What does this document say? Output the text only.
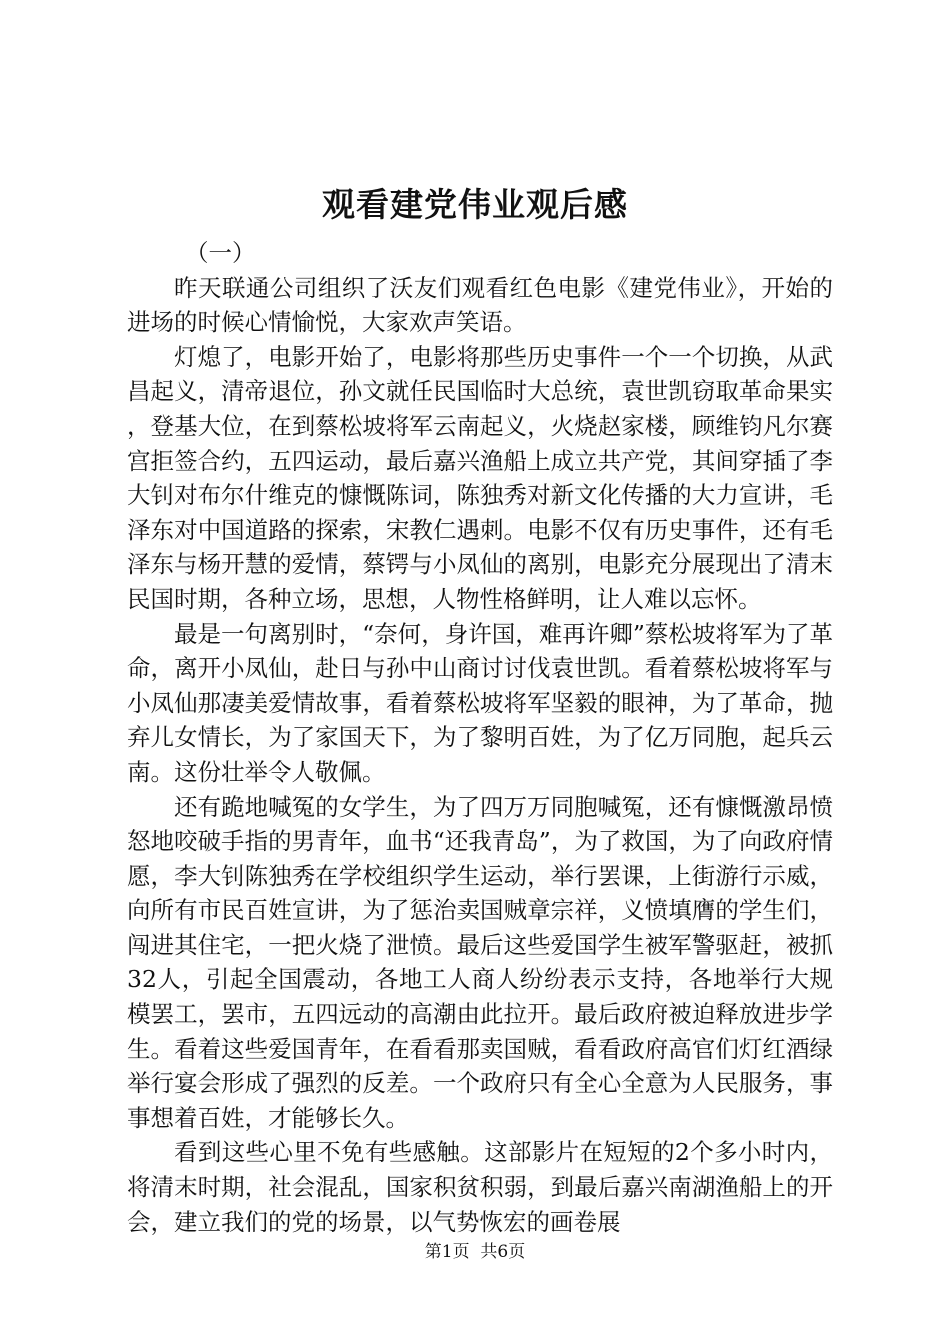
观看建党伟业观后感

（一）

昨天联通公司组织了沃友们观看红色电影《建党伟业》，开始的进场的时候心情愉悦，大家欢声笑语。

灯熄了，电影开始了，电影将那些历史事件一个一个切换，从武昌起义，清帝退位，孙文就任民国临时大总统，袁世凯窃取革命果实，登基大位，在到蔡松坡将军云南起义，火烧赵家楼，顾维钧凡尔赛宫拒签合约，五四运动，最后嘉兴渔船上成立共产党，其间穿插了李大钊对布尔什维克的慷慨陈词，陈独秀对新文化传播的大力宣讲，毛泽东对中国道路的探索，宋教仁遇刺。电影不仅有历史事件，还有毛泽东与杨开慧的爱情，蔡锷与小凤仙的离别，电影充分展现出了清末民国时期，各种立场，思想，人物性格鲜明，让人难以忘怀。

最是一句离别时，“奈何，身许国，难再许卿”蔡松坡将军为了革命，离开小凤仙，赴日与孙中山商讨讨伐袁世凯。看着蔡松坡将军与小凤仙那凄美爱情故事，看着蔡松坡将军坚毅的眼神，为了革命，抛弃儿女情长，为了家国天下，为了黎明百姓，为了亿万同胞，起兵云南。这份壮举令人敬佩。

还有跪地喊冤的女学生，为了四万万同胞喊冤，还有慷慨激昂愤怒地咬破手指的男青年，血书“还我青岛”，为了救国，为了向政府情愿，李大钊陈独秀在学校组织学生运动，举行罢课，上街游行示威，向所有市民百姓宣讲，为了惩治卖国贼章宗祥，义愤填膺的学生们，闯进其住宅，一把火烧了泄愤。最后这些爱国学生被军警驱赶，被抓32人，引起全国震动，各地工人商人纷纷表示支持，各地举行大规模罢工，罢市，五四远动的高潮由此拉开。最后政府被迫释放进步学生。看着这些爱国青年，在看看那卖国贼，看看政府高官们灯红酒绿举行宴会形成了强烈的反差。一个政府只有全心全意为人民服务，事事想着百姓，才能够长久。

看到这些心里不免有些感触。这部影片在短短的2个多小时内，将清末时期，社会混乱，国家积贫积弱，到最后嘉兴南湖渔船上的开会，建立我们的党的场景，以气势恢宏的画卷展

第1页  共6页
